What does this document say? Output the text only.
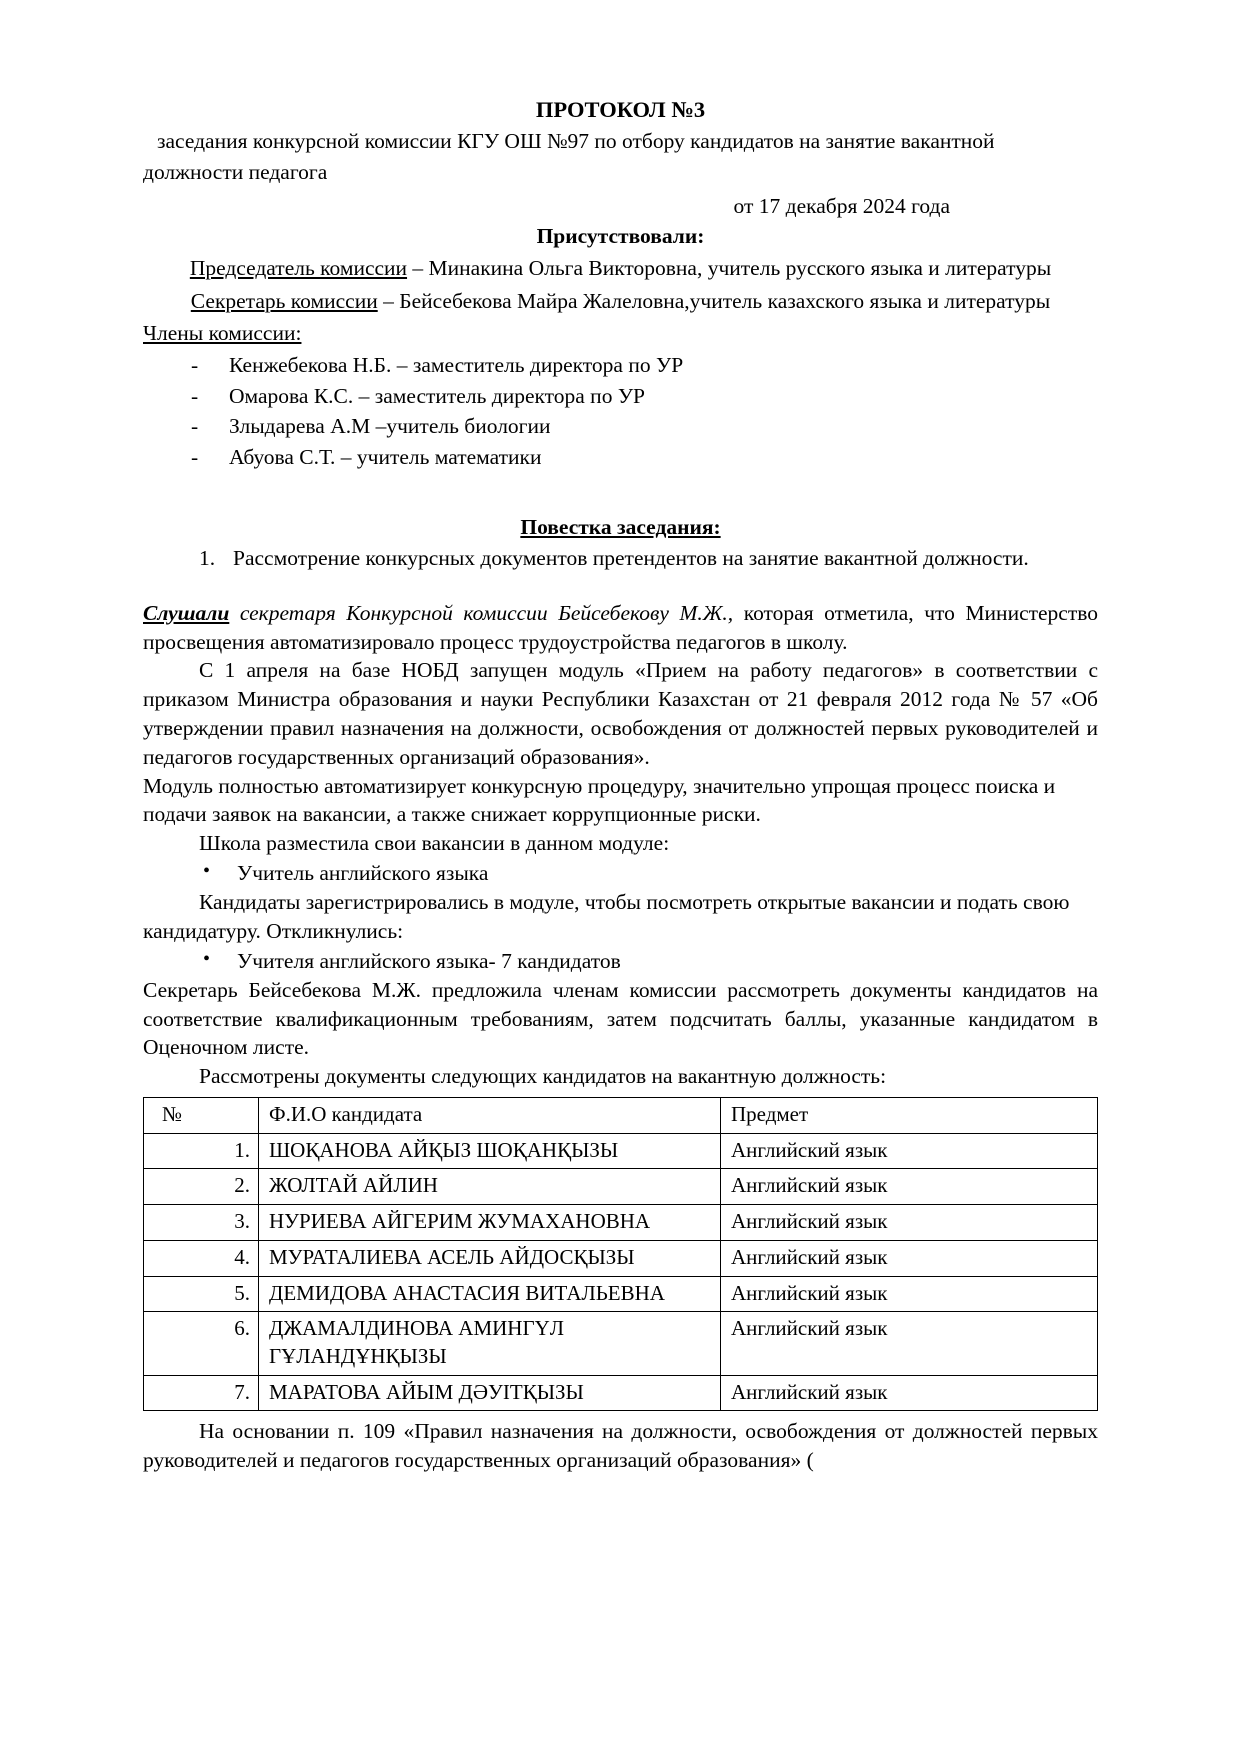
ПРОТОКОЛ №3
заседания конкурсной комиссии КГУ ОШ №97 по отбору кандидатов на занятие вакантной должности педагога
от 17 декабря 2024 года
Присутствовали:
Председатель комиссии – Минакина Ольга Викторовна, учитель русского языка и литературы
Секретарь комиссии – Бейсебекова Майра Жалеловна,учитель казахского языка и литературы
Члены комиссии:
- Кенжебекова Н.Б. – заместитель директора по УР
- Омарова К.С. – заместитель директора по УР
- Злыдарева А.М –учитель биологии
- Абуова С.Т. – учитель математики
Повестка заседания:
Рассмотрение конкурсных документов претендентов на занятие вакантной должности.

Слушали секретаря Конкурсной комиссии Бейсебекову М.Ж., которая отметила, что Министерство просвещения автоматизировало процесс трудоустройства педагогов в школу.

С 1 апреля на базе НОБД запущен модуль «Прием на работу педагогов» в соответствии с приказом Министра образования и науки Республики Казахстан от 21 февраля 2012 года № 57 «Об утверждении правил назначения на должности, освобождения от должностей первых руководителей и педагогов государственных организаций образования».

Модуль полностью автоматизирует конкурсную процедуру, значительно упрощая процесс поиска и подачи заявок на вакансии, а также снижает коррупционные риски.

Школа разместила свои вакансии в данном модуле:

• Учитель английского языка

Кандидаты зарегистрировались в модуле, чтобы посмотреть открытые вакансии и подать свою кандидатуру. Откликнулись:

• Учителя английского языка- 7 кандидатов

Секретарь Бейсебекова М.Ж. предложила членам комиссии рассмотреть документы кандидатов на соответствие квалификационным требованиям, затем подсчитать баллы, указанные кандидатом в Оценочном листе.

Рассмотрены документы следующих кандидатов на вакантную должность:

№	Ф.И.О кандидата	Предмет
1.	ШОҚАНОВА АЙҚЫЗ ШОҚАНҚЫЗЫ	Английский язык
2.	ЖОЛТАЙ АЙЛИН	Английский язык
3.	НУРИЕВА АЙГЕРИМ ЖУМАХАНОВНА	Английский язык
4.	МУРАТАЛИЕВА АСЕЛЬ АЙДОСҚЫЗЫ	Английский язык
5.	ДЕМИДОВА АНАСТАСИЯ ВИТАЛЬЕВНА	Английский язык
6.	ДЖАМАЛДИНОВА АМИНГҮЛ ГҰЛАНДҰНҚЫЗЫ	Английский язык
7.	МАРАТОВА АЙЫМ ДӘУІТҚЫЗЫ	Английский язык

На основании п. 109 «Правил назначения на должности, освобождения от должностей первых руководителей и педагогов государственных организаций образования» (
